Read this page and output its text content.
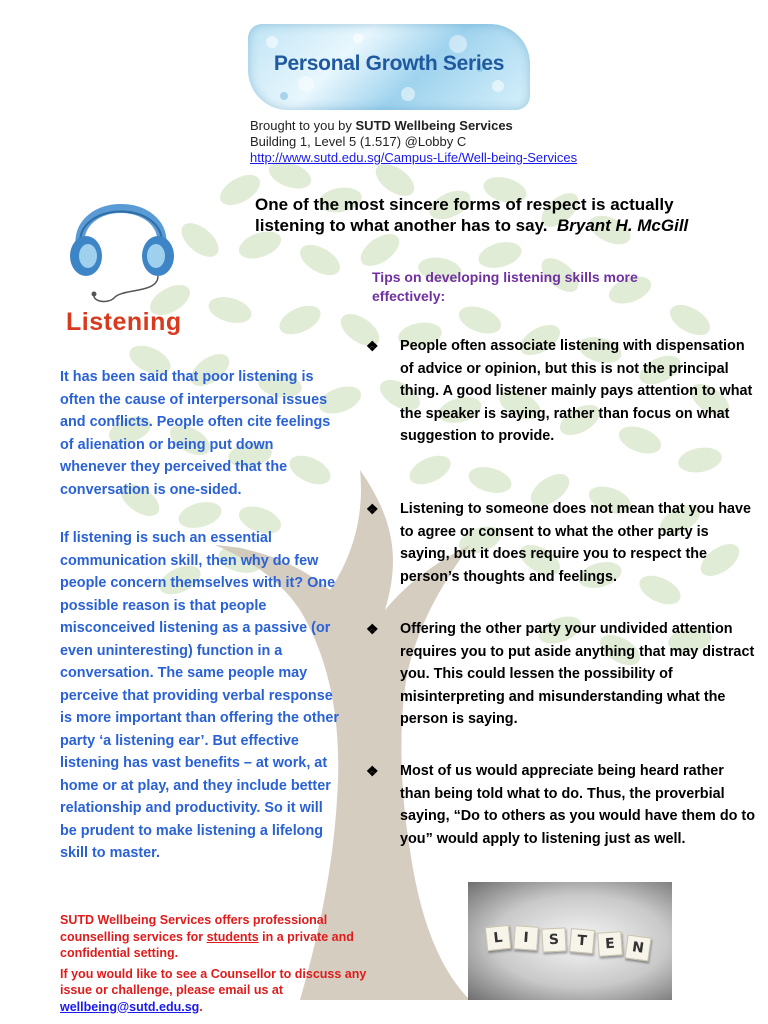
Personal Growth Series
Brought to you by SUTD Wellbeing Services
Building 1, Level 5 (1.517) @Lobby C
http://www.sutd.edu.sg/Campus-Life/Well-being-Services
Listening
One of the most sincere forms of respect is actually
listening to what another has to say. Bryant H. McGill
Tips on developing listening skills more
effectively:
❖	People often associate listening with dispensation of advice or opinion, but this is not the principal thing. A good listener mainly pays attention to what the speaker is saying, rather than focus on what suggestion to provide.
❖	Listening to someone does not mean that you have to agree or consent to what the other party is saying, but it does require you to respect the person’s thoughts and feelings.
❖	Offering the other party your undivided attention requires you to put aside anything that may distract you. This could lessen the possibility of misinterpreting and misunderstanding what the person is saying.
❖	Most of us would appreciate being heard rather than being told what to do. Thus, the proverbial saying, “Do to others as you would have them do to you” would apply to listening just as well.
It has been said that poor listening is often the cause of interpersonal issues and conflicts. People often cite feelings of alienation or being put down whenever they perceived that the conversation is one-sided.
If listening is such an essential communication skill, then why do few people concern themselves with it? One possible reason is that people misconceived listening as a passive (or even uninteresting) function in a conversation. The same people may perceive that providing verbal response is more important than offering the other party ‘a listening ear’. But effective listening has vast benefits – at work, at home or at play, and they include better relationship and productivity. So it will be prudent to make listening a lifelong skill to master.
SUTD Wellbeing Services offers professional counselling services for students in a private and confidential setting.
If you would like to see a Counsellor to discuss any issue or challenge, please email us at wellbeing@sutd.edu.sg.
L	I	S	T	E	N
